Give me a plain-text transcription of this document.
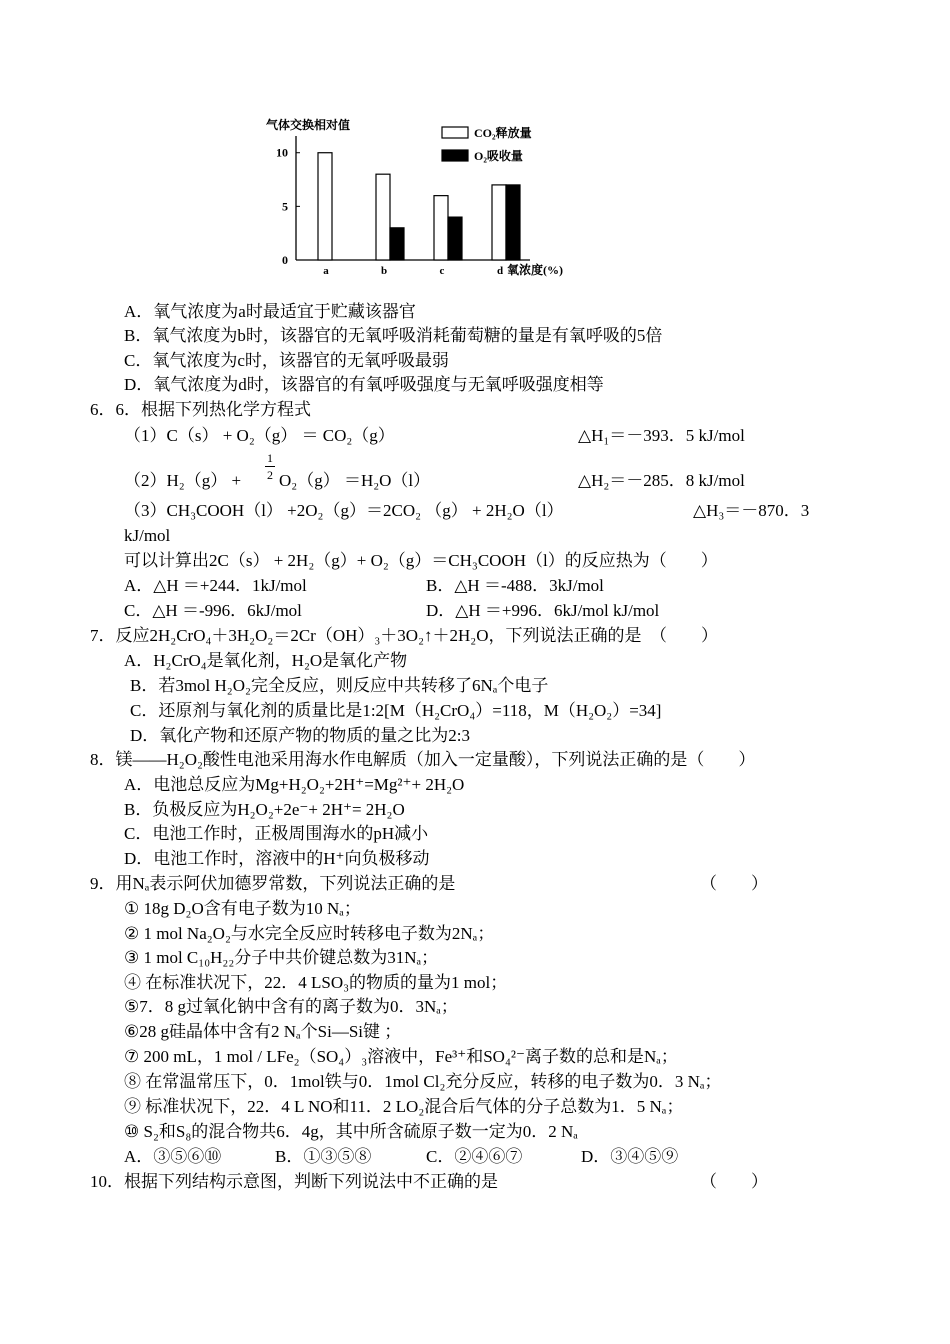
0
5
10
气体交换相对值
a	b	c	d 氧浓度(%)
CO₂释放量
O₂吸收量
A．氧气浓度为a时最适宜于贮藏该器官
B．氧气浓度为b时，该器官的无氧呼吸消耗葡萄糖的量是有氧呼吸的5倍
C．氧气浓度为c时，该器官的无氧呼吸最弱
D．氧气浓度为d时，该器官的有氧呼吸强度与无氧呼吸强度相等
6．6．根据下列热化学方程式
（1）C（s） + O₂（g） ＝ CO₂（g）	△H₁＝－393．5 kJ/mol
（2）H₂（g） +
1
2 O₂（g） ＝H₂O（l）	△H₂＝－285．8 kJ/mol
（3）CH₃COOH（l） +2O₂（g）＝2CO₂ （g） + 2H₂O（l）	△H₃＝－870．3
kJ/mol
可以计算出2C（s） + 2H₂（g）+ O₂（g）＝CH₃COOH（l）的反应热为（　　）
A．△H ＝+244．1kJ/mol	B．△H ＝-488．3kJ/mol
C．△H ＝-996．6kJ/mol	D．△H ＝+996．6kJ/mol kJ/mol
7．反应2H₂CrO₄＋3H₂O₂＝2Cr（OH）₃＋3O₂↑＋2H₂O，下列说法正确的是　（　　）
A．H₂CrO₄是氧化剂，H₂O是氧化产物
B．若3mol H₂O₂完全反应，则反应中共转移了6Nₐ个电子
C．还原剂与氧化剂的质量比是1:2[M（H₂CrO₄）=118，M（H₂O₂）=34]
D．氧化产物和还原产物的物质的量之比为2:3
8．镁——H₂O₂酸性电池采用海水作电解质（加入一定量酸），下列说法正确的是（　　）
A．电池总反应为Mg+H₂O₂+2H⁺=Mg²⁺+ 2H₂O
B．负极反应为H₂O₂+2e⁻+ 2H⁺= 2H₂O
C．电池工作时，正极周围海水的pH减小
D．电池工作时，溶液中的H⁺向负极移动
9．用Nₐ表示阿伏加德罗常数，下列说法正确的是	（　　）
① 18g D₂O含有电子数为10 Nₐ；
② 1 mol Na₂O₂与水完全反应时转移电子数为2Nₐ；
③ 1 mol C₁₀H₂₂分子中共价键总数为31Nₐ；
④ 在标准状况下，22．4 LSO₃的物质的量为1 mol；
⑤7．8 g过氧化钠中含有的离子数为0．3Nₐ；
⑥28 g硅晶体中含有2 Nₐ个Si—Si键 ；
⑦ 200 mL，1 mol / LFe₂（SO₄）₃溶液中，Fe³⁺和SO₄²⁻离子数的总和是Nₐ；
⑧ 在常温常压下，0．1mol铁与0．1mol Cl₂充分反应，转移的电子数为0．3 Nₐ；
⑨ 标准状况下，22．4 L NO和11．2 LO₂混合后气体的分子总数为1．5 Nₐ；
⑩ S₂和S₈的混合物共6．4g，其中所含硫原子数一定为0．2 Nₐ
A．③⑤⑥⑩	B．①③⑤⑧	C．②④⑥⑦	D．③④⑤⑨
10．根据下列结构示意图，判断下列说法中不正确的是	（　　）
